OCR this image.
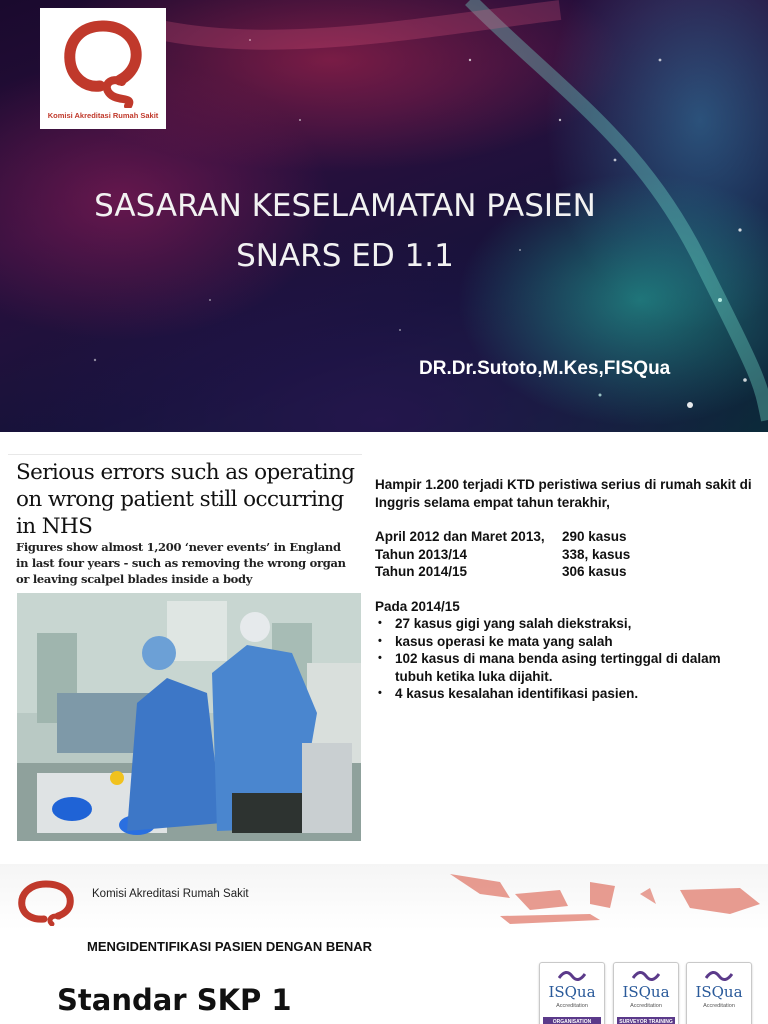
Komisi Akreditasi Rumah Sakit
SASARAN KESELAMATAN PASIEN
SNARS ED 1.1
DR.Dr.Sutoto,M.Kes,FISQua
Serious errors such as operating on wrong patient still occurring in NHS
Figures show almost 1,200 ‘never events’ in England in last four years - such as removing the wrong organ or leaving scalpel blades inside a body

Hampir 1.200 terjadi KTD peristiwa serius di rumah sakit di Inggris selama empat tahun terakhir,

April 2012 dan Maret 2013,	290 kasus
Tahun 2013/14	338, kasus
Tahun 2014/15	306 kasus

Pada 2014/15

• 27 kasus gigi yang salah diekstraksi,
• kasus operasi ke mata yang salah
• 102 kasus di mana benda asing tertinggal di dalam tubuh ketika luka dijahit.
• 4 kasus kesalahan identifikasi pasien.
Komisi Akreditasi Rumah Sakit
MENGIDENTIFIKASI PASIEN DENGAN BENAR
Standar SKP 1	ISQua
Accreditation
ORGANISATION
ISQua
Accreditation
SURVEYOR TRAINING
ISQua
Accreditation
